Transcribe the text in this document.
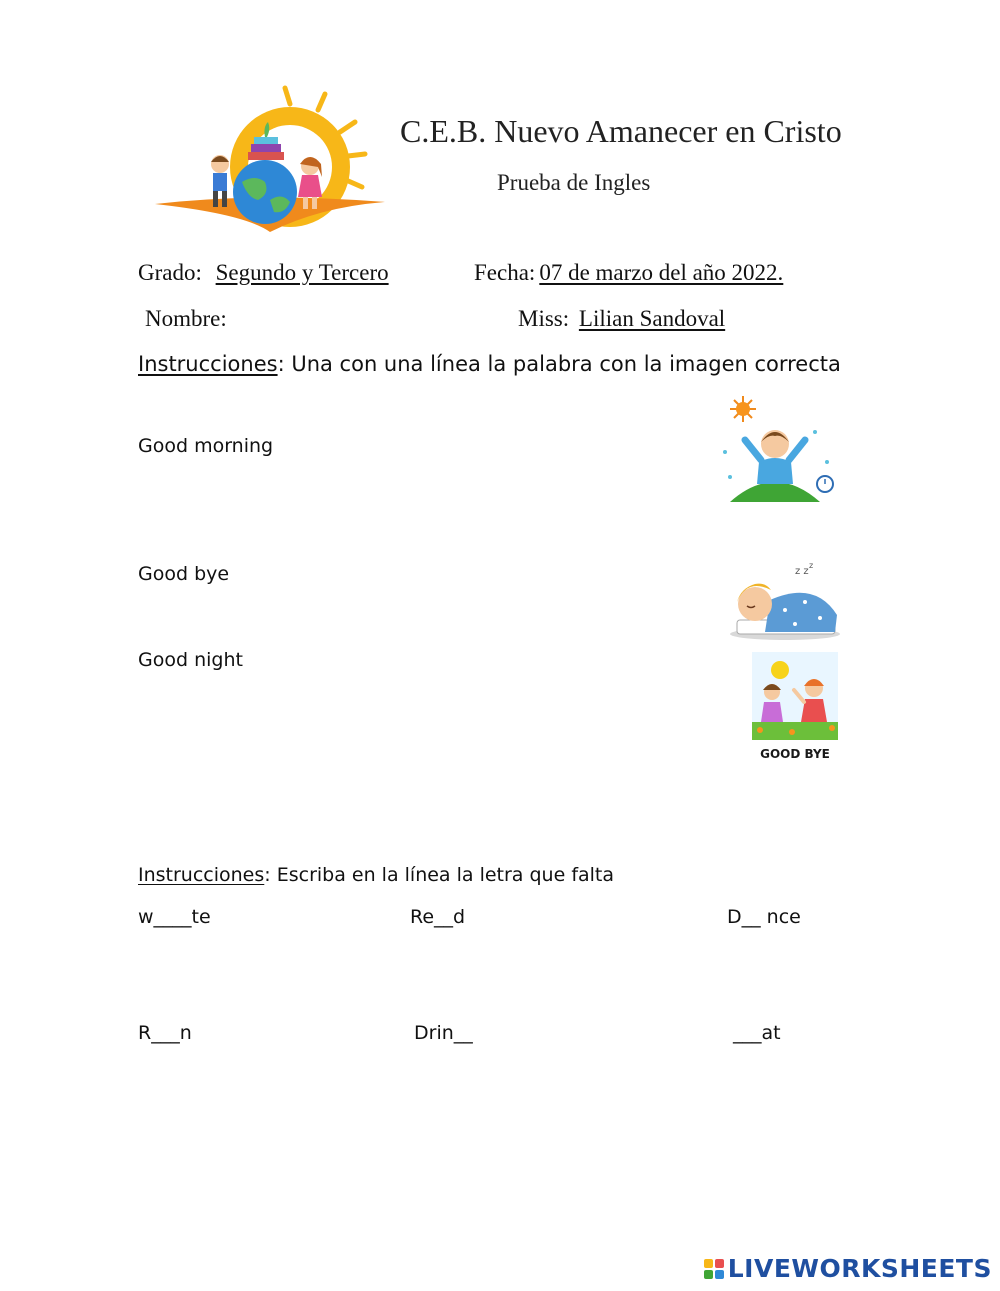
C.E.B. Nuevo Amanecer en Cristo
Prueba de Ingles
Grado: Segundo y Tercero	Fecha: 07 de marzo del año 2022.
Nombre:	Miss: Lilian Sandoval
Instrucciones: Una con una línea la palabra con la imagen correcta
Good morning
Good bye
Good night
z z
z
GOOD BYE
Instrucciones: Escriba en la línea la letra que falta
w____te	Re__d	D__ nce
R___n	Drin__	___at
LIVEWORKSHEETS
